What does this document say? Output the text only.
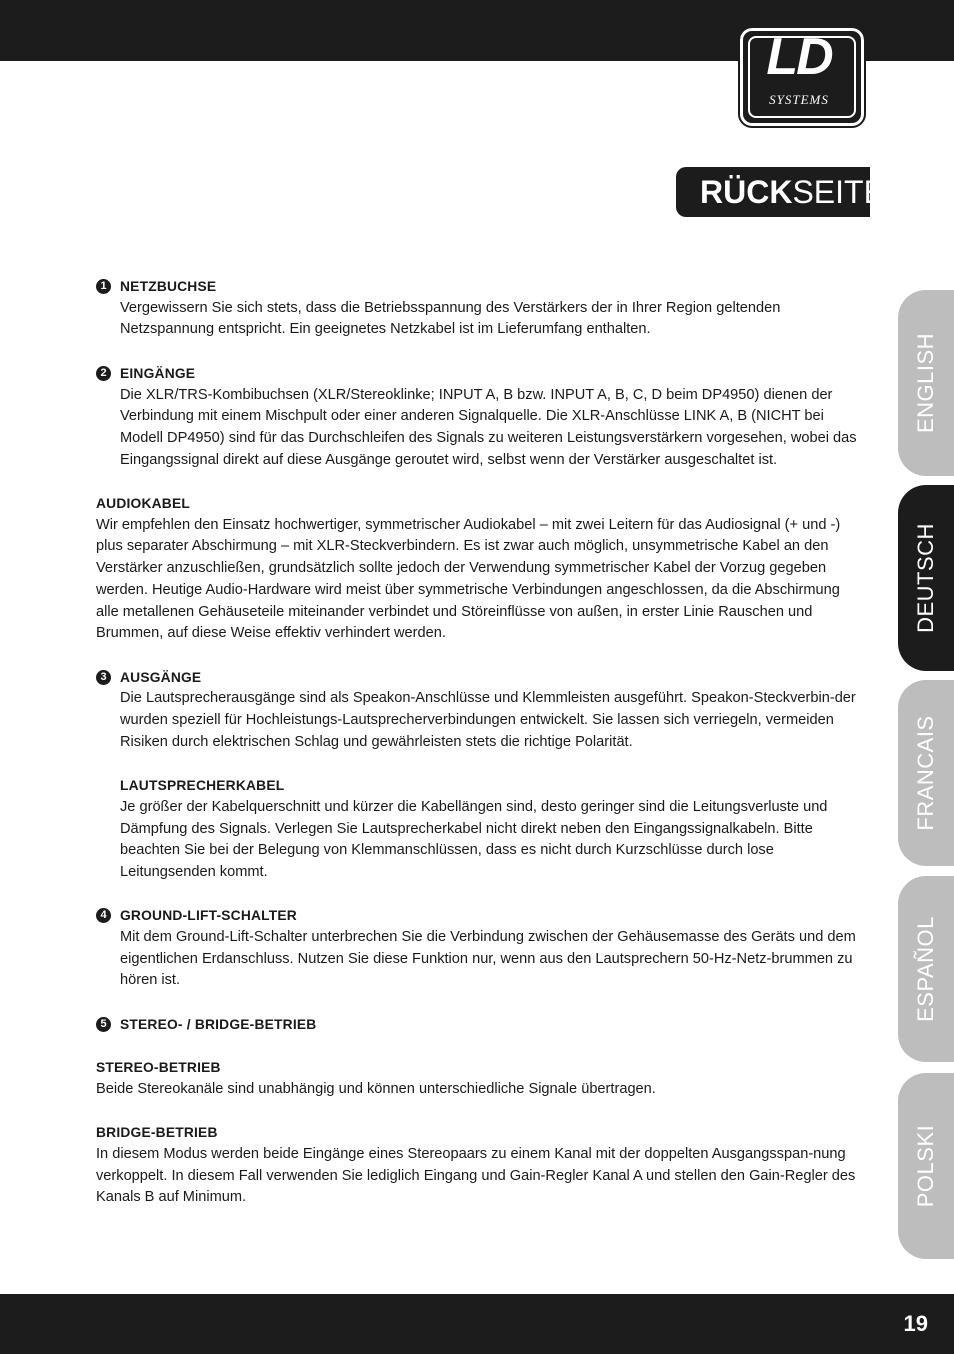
LD
SYSTEMS
RÜCKSEITE:
ENGLISH
DEUTSCH
FRANCAIS
ESPAÑOL
POLSKI
1 NETZBUCHSE

Vergewissern Sie sich stets, dass die Betriebsspannung des Verstärkers der in Ihrer Region geltenden Netzspannung entspricht. Ein geeignetes Netzkabel ist im Lieferumfang enthalten.

2 EINGÄNGE

Die XLR/TRS-Kombibuchsen (XLR/Stereoklinke; INPUT A, B bzw. INPUT A, B, C, D beim DP4950) dienen der Verbindung mit einem Mischpult oder einer anderen Signalquelle. Die XLR-Anschlüsse LINK A, B (NICHT bei Modell DP4950) sind für das Durchschleifen des Signals zu weiteren Leistungsverstärkern vorgesehen, wobei das Eingangssignal direkt auf diese Ausgänge geroutet wird, selbst wenn der Verstärker ausgeschaltet ist.

AUDIOKABEL

Wir empfehlen den Einsatz hochwertiger, symmetrischer Audiokabel – mit zwei Leitern für das Audiosignal (+ und -) plus separater Abschirmung – mit XLR-Steckverbindern. Es ist zwar auch möglich, unsymmetrische Kabel an den Verstärker anzuschließen, grundsätzlich sollte jedoch der Verwendung symmetrischer Kabel der Vorzug gegeben werden. Heutige Audio-Hardware wird meist über symmetrische Verbindungen angeschlossen, da die Abschirmung alle metallenen Gehäuseteile miteinander verbindet und Störeinflüsse von außen, in erster Linie Rauschen und Brummen, auf diese Weise effektiv verhindert werden.

3 AUSGÄNGE

Die Lautsprecherausgänge sind als Speakon-Anschlüsse und Klemmleisten ausgeführt. Speakon-Steckverbin-der wurden speziell für Hochleistungs-Lautsprecherverbindungen entwickelt. Sie lassen sich verriegeln, vermeiden Risiken durch elektrischen Schlag und gewährleisten stets die richtige Polarität.

LAUTSPRECHERKABEL

Je größer der Kabelquerschnitt und kürzer die Kabellängen sind, desto geringer sind die Leitungsverluste und Dämpfung des Signals. Verlegen Sie Lautsprecherkabel nicht direkt neben den Eingangssignalkabeln. Bitte beachten Sie bei der Belegung von Klemmanschlüssen, dass es nicht durch Kurzschlüsse durch lose Leitungsenden kommt.

4 GROUND-LIFT-SCHALTER

Mit dem Ground-Lift-Schalter unterbrechen Sie die Verbindung zwischen der Gehäusemasse des Geräts und dem eigentlichen Erdanschluss. Nutzen Sie diese Funktion nur, wenn aus den Lautsprechern 50-Hz-Netz-brummen zu hören ist.

5 STEREO- / BRIDGE-BETRIEB
STEREO-BETRIEB

Beide Stereokanäle sind unabhängig und können unterschiedliche Signale übertragen.

BRIDGE-BETRIEB

In diesem Modus werden beide Eingänge eines Stereopaars zu einem Kanal mit der doppelten Ausgangsspan-nung verkoppelt. In diesem Fall verwenden Sie lediglich Eingang und Gain-Regler Kanal A und stellen den Gain-Regler des Kanals B auf Minimum.

19
